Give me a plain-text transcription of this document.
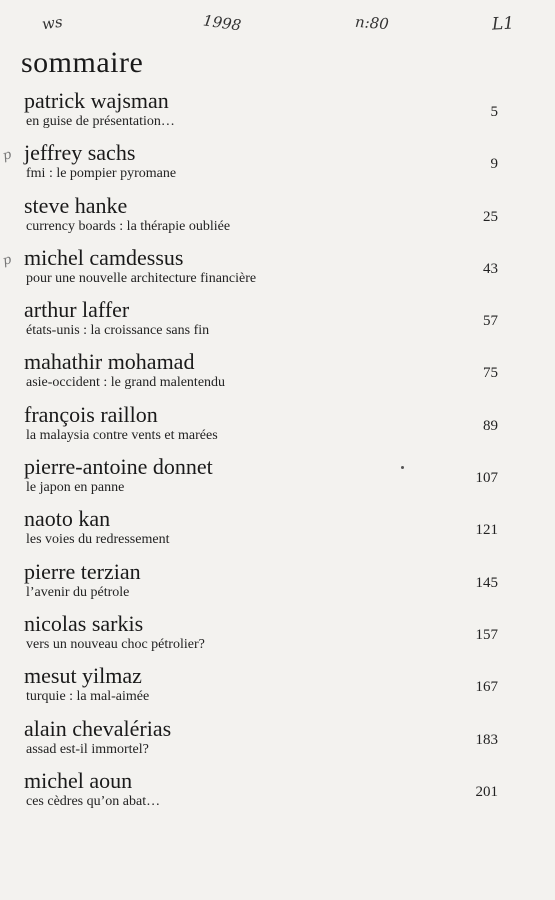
ws	1998	n:80	L1
sommaire
patrick wajsman
en guise de présentation…
5
p jeffrey sachs
fmi : le pompier pyromane
9
steve hanke
currency boards : la thérapie oubliée
25
p michel camdessus
pour une nouvelle architecture financière
43
arthur laffer
états-unis : la croissance sans fin
57
mahathir mohamad
asie-occident : le grand malentendu
75
françois raillon
la malaysia contre vents et marées
89
pierre-antoine donnet
le japon en panne
107
naoto kan
les voies du redressement
121
pierre terzian
l’avenir du pétrole
145
nicolas sarkis
vers un nouveau choc pétrolier?
157
mesut yilmaz
turquie : la mal-aimée
167
alain chevalérias
assad est-il immortel?
183
michel aoun
ces cèdres qu’on abat…
201
